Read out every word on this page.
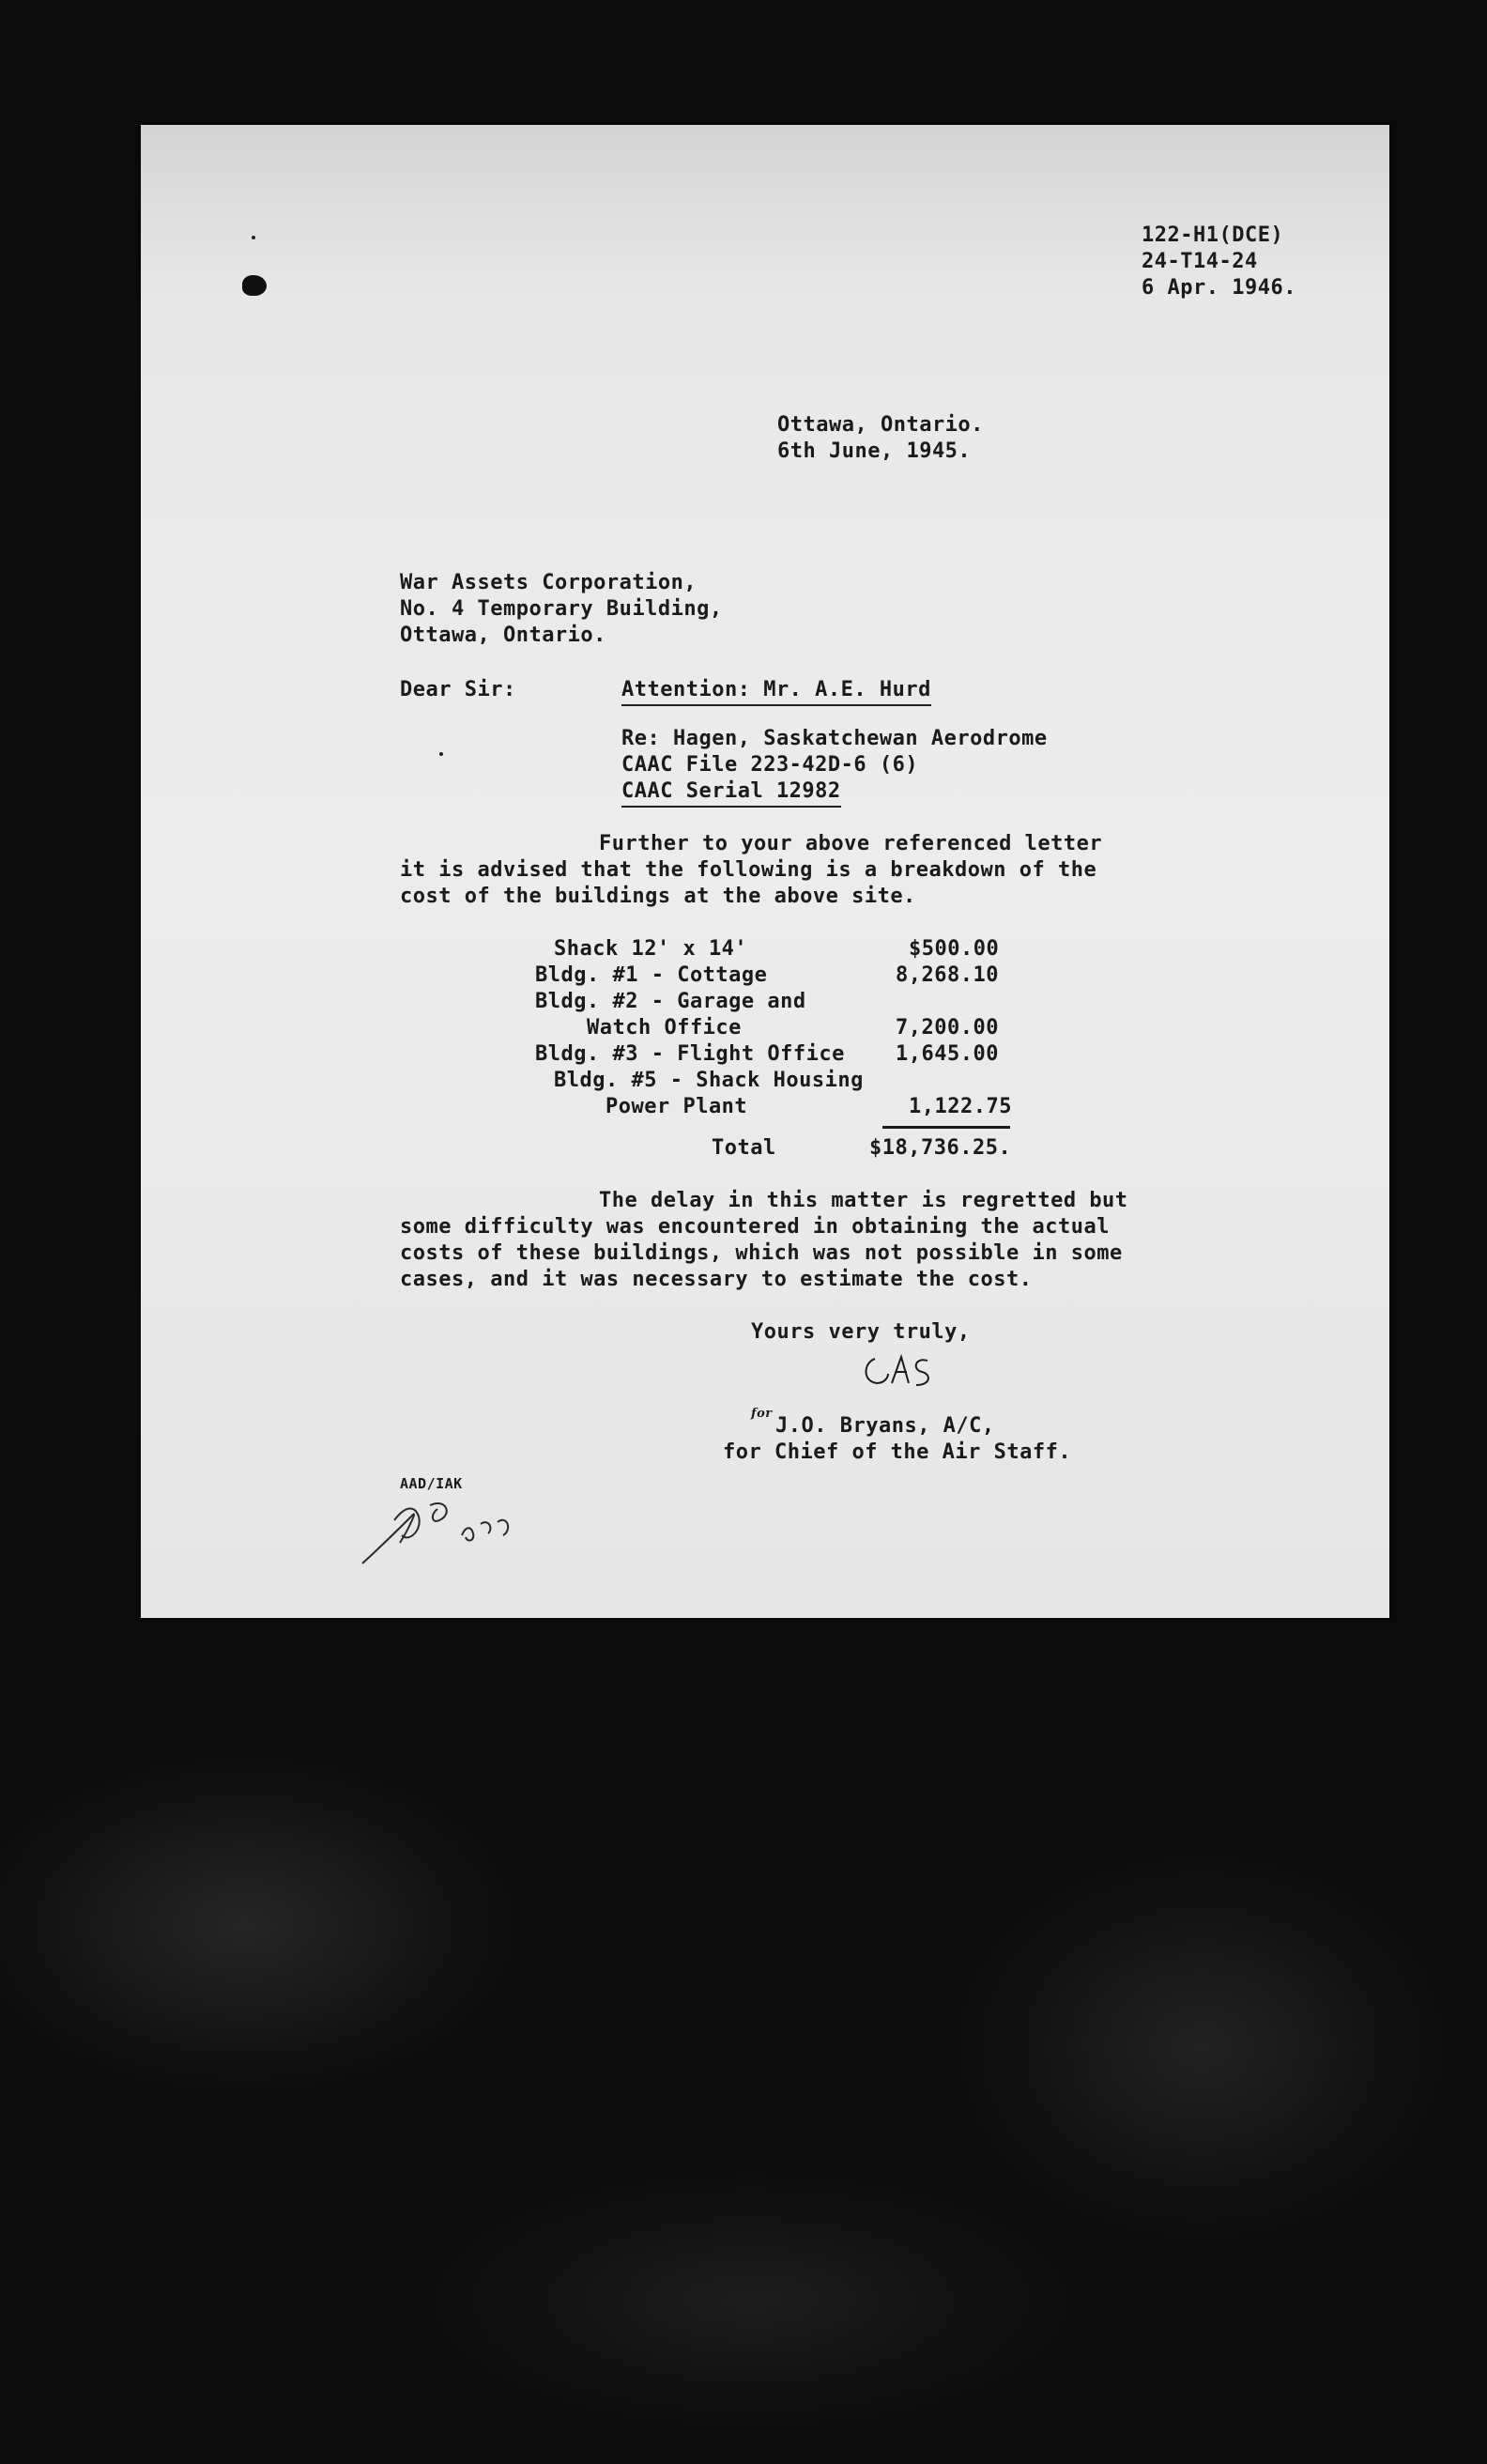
122-H1(DCE)
24-T14-24
6 Apr. 1946.
Ottawa, Ontario.
6th June, 1945.
War Assets Corporation,
No. 4 Temporary Building,
Ottawa, Ontario.
Dear Sir:	Attention: Mr. A.E. Hurd
Re: Hagen, Saskatchewan Aerodrome
CAAC File 223-42D-6 (6)
CAAC Serial 12982
Further to your above referenced letter
it is advised that the following is a breakdown of the
cost of the buildings at the above site.
Shack 12' x 14'	$500.00
Bldg. #1 - Cottage	8,268.10
Bldg. #2 - Garage and
Watch Office	7,200.00
Bldg. #3 - Flight Office 1,645.00
Bldg. #5 - Shack Housing
Power Plant	1,122.75
Total	$18,736.25.
The delay in this matter is regretted but
some difficulty was encountered in obtaining the actual
costs of these buildings, which was not possible in some
cases, and it was necessary to estimate the cost.
Yours very truly,
for
J.O. Bryans, A/C,
for Chief of the Air Staff.
AAD/IAK
